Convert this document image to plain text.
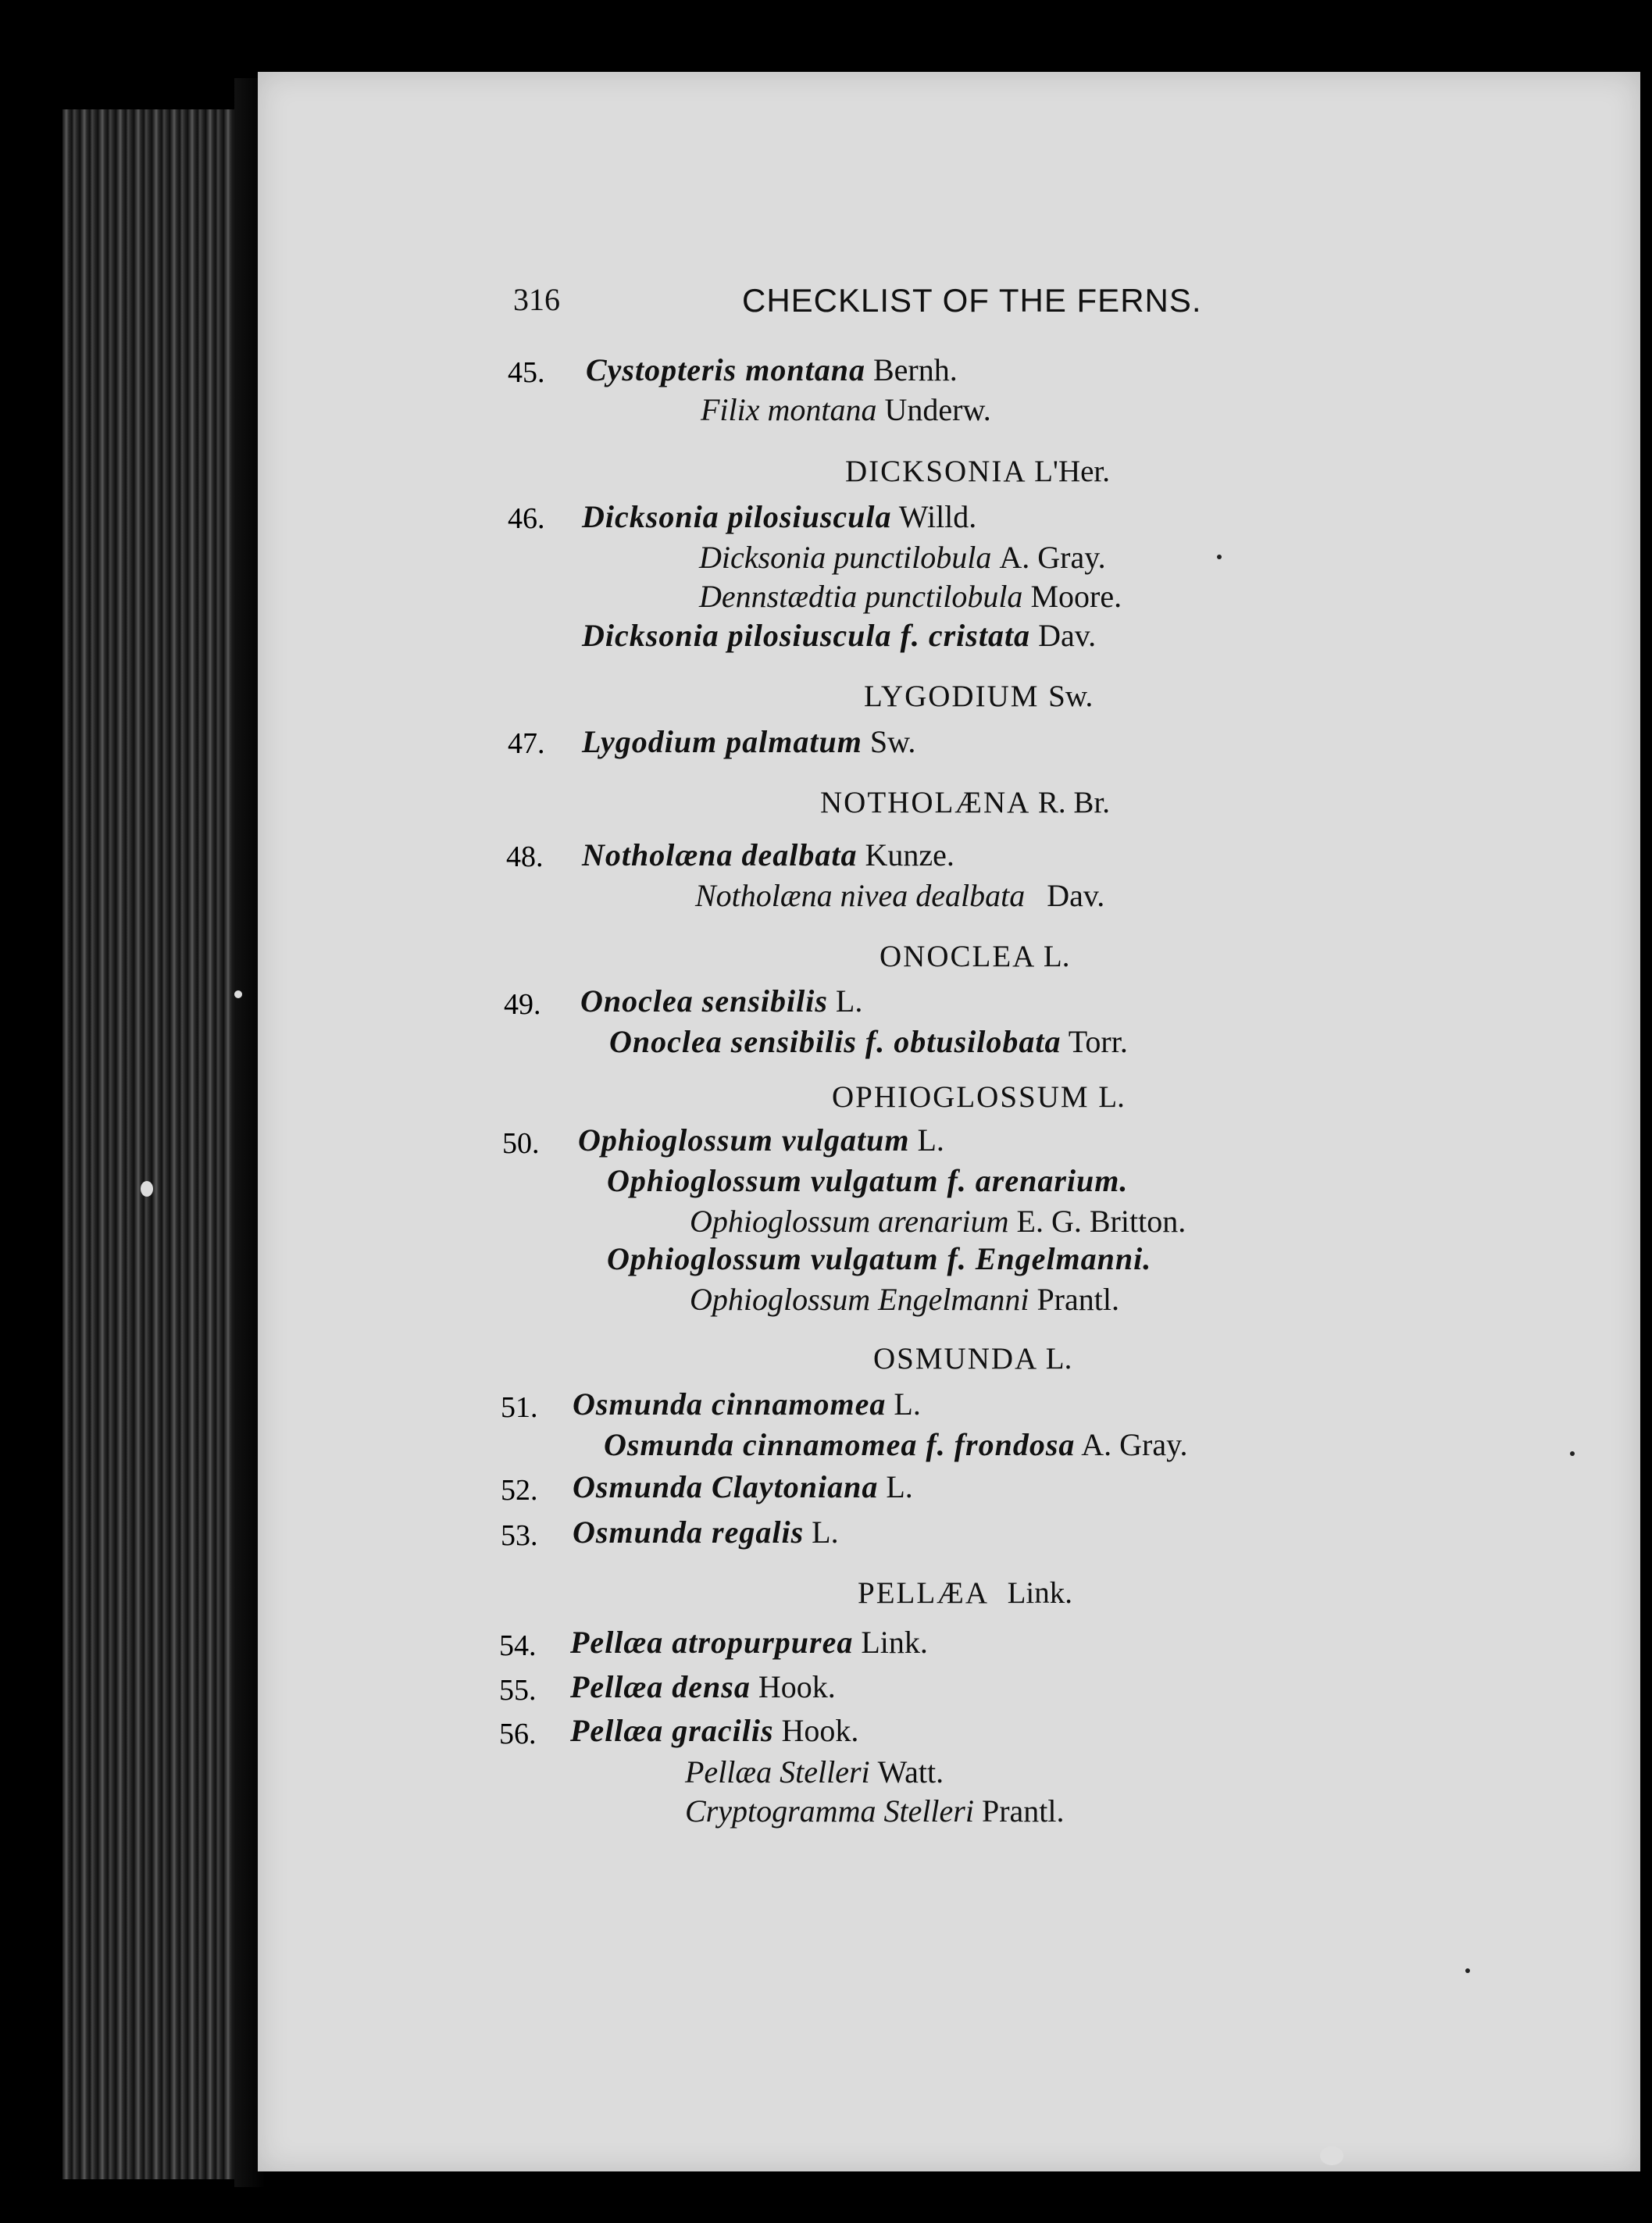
316	CHECKLIST OF THE FERNS.
45. Cystopteris montana Bernh.
Filix montana Underw.
DICKSONIA L'Her.
46. Dicksonia pilosiuscula Willd.
Dicksonia punctilobula A. Gray.
Dennstædtia punctilobula Moore.
Dicksonia pilosiuscula f. cristata Dav.
LYGODIUM Sw.
47. Lygodium palmatum Sw.
NOTHOLÆNA R. Br.
48. Notholæna dealbata Kunze.
Notholæna nivea dealbata Dav.
ONOCLEA L.
49. Onoclea sensibilis L.
Onoclea sensibilis f. obtusilobata Torr.
OPHIOGLOSSUM L.
50. Ophioglossum vulgatum L.
Ophioglossum vulgatum f. arenarium.
Ophioglossum arenarium E. G. Britton.
Ophioglossum vulgatum f. Engelmanni.
Ophioglossum Engelmanni Prantl.
OSMUNDA L.
51. Osmunda cinnamomea L.
Osmunda cinnamomea f. frondosa A. Gray.
52. Osmunda Claytoniana L.
53. Osmunda regalis L.
PELLÆA Link.
54. Pellæa atropurpurea Link.
55. Pellæa densa Hook.
56. Pellæa gracilis Hook.
Pellæa Stelleri Watt.
Cryptogramma Stelleri Prantl.
